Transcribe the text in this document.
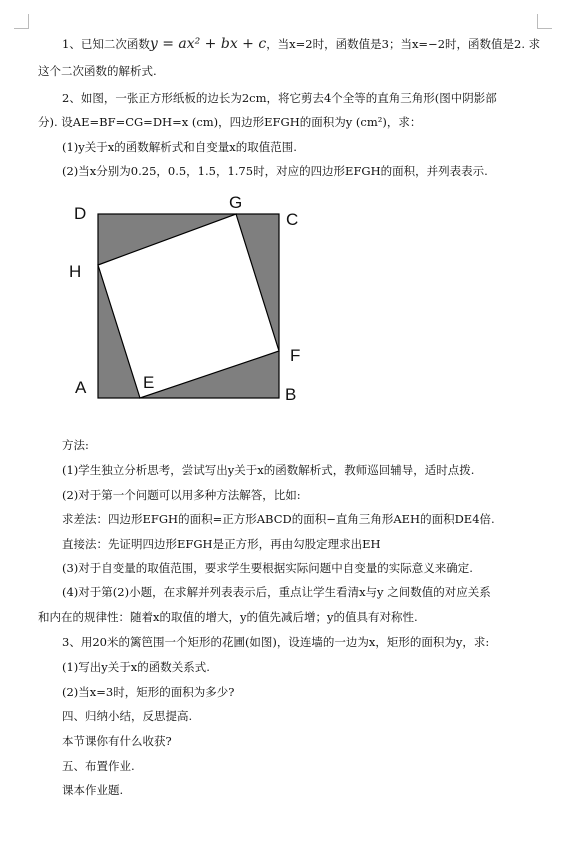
1、已知二次函数y = ax² + bx + c，当x=2时，函数值是3；当x=−2时，函数值是2. 求
这个二次函数的解析式.
2、如图，一张正方形纸板的边长为2cm，将它剪去4个全等的直角三角形(图中阴影部
分). 设AE=BF=CG=DH=x (cm)，四边形EFGH的面积为y (cm²)，求：
(1)y关于x的函数解析式和自变量x的取值范围.
(2)当x分别为0.25，0.5，1.5，1.75时，对应的四边形EFGH的面积，并列表表示.
D
G
C
H
F
A	E
B
方法:
(1)学生独立分析思考，尝试写出y关于x的函数解析式，教师巡回辅导，适时点拨.
(2)对于第一个问题可以用多种方法解答，比如:
求差法：四边形EFGH的面积=正方形ABCD的面积−直角三角形AEH的面积DE4倍.
直接法：先证明四边形EFGH是正方形，再由勾股定理求出EH
(3)对于自变量的取值范围，要求学生要根据实际问题中自变量的实际意义来确定.
(4)对于第(2)小题，在求解并列表表示后，重点让学生看清x与y 之间数值的对应关系
和内在的规律性：随着x的取值的增大，y的值先减后增；y的值具有对称性.
3、用20米的篱笆围一个矩形的花圃(如图)，设连墙的一边为x，矩形的面积为y，求:
(1)写出y关于x的函数关系式.
(2)当x=3时，矩形的面积为多少?
四、归纳小结，反思提高.
本节课你有什么收获?
五、布置作业.
课本作业题.
